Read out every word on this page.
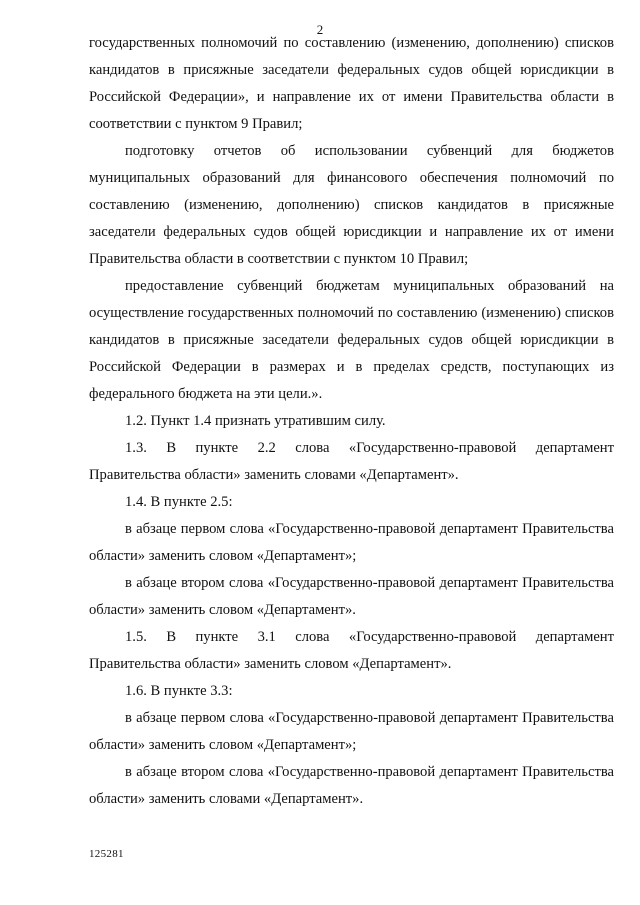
2

государственных полномочий по составлению (изменению, дополнению) списков кандидатов в присяжные заседатели федеральных судов общей юрисдикции в Российской Федерации», и направление их от имени Правительства области в соответствии с пунктом 9 Правил;

подготовку отчетов об использовании субвенций для бюджетов муниципальных образований для финансового обеспечения полномочий по составлению (изменению, дополнению) списков кандидатов в присяжные заседатели федеральных судов общей юрисдикции и направление их от имени Правительства области в соответствии с пунктом 10 Правил;

предоставление субвенций бюджетам муниципальных образований на осуществление государственных полномочий по составлению (изменению) списков кандидатов в присяжные заседатели федеральных судов общей юрисдикции в Российской Федерации в размерах и в пределах средств, поступающих из федерального бюджета на эти цели.».

1.2. Пункт 1.4 признать утратившим силу.

1.3. В пункте 2.2 слова «Государственно-правовой департамент Правительства области» заменить словами «Департамент».

1.4. В пункте 2.5:

в абзаце первом слова «Государственно-правовой департамент Правительства области» заменить словом «Департамент»;

в абзаце втором слова «Государственно-правовой департамент Правительства области» заменить словом «Департамент».

1.5. В пункте 3.1 слова «Государственно-правовой департамент Правительства области» заменить словом «Департамент».

1.6. В пункте 3.3:

в абзаце первом слова «Государственно-правовой департамент Правительства области» заменить словом «Департамент»;

в абзаце втором слова «Государственно-правовой департамент Правительства области» заменить словами «Департамент».

125281
